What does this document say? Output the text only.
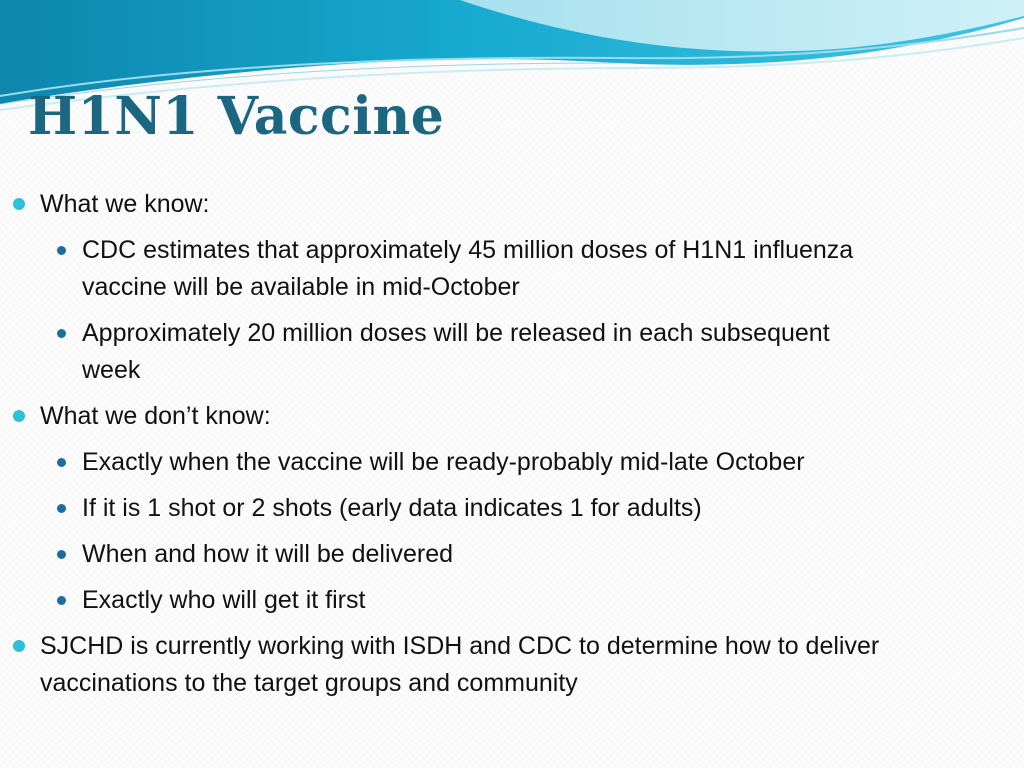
H1N1 Vaccine
What we know:
CDC estimates that approximately 45 million doses of H1N1 influenza vaccine will be available in mid-October
Approximately 20 million doses will be released in each subsequent week
What we don’t know:
Exactly when the vaccine will be ready-probably mid-late October
If it is 1 shot or 2 shots (early data indicates 1 for adults)
When and how it will be delivered
Exactly who will get it first
SJCHD is currently working with ISDH and CDC to determine how to deliver vaccinations to the target groups and community
